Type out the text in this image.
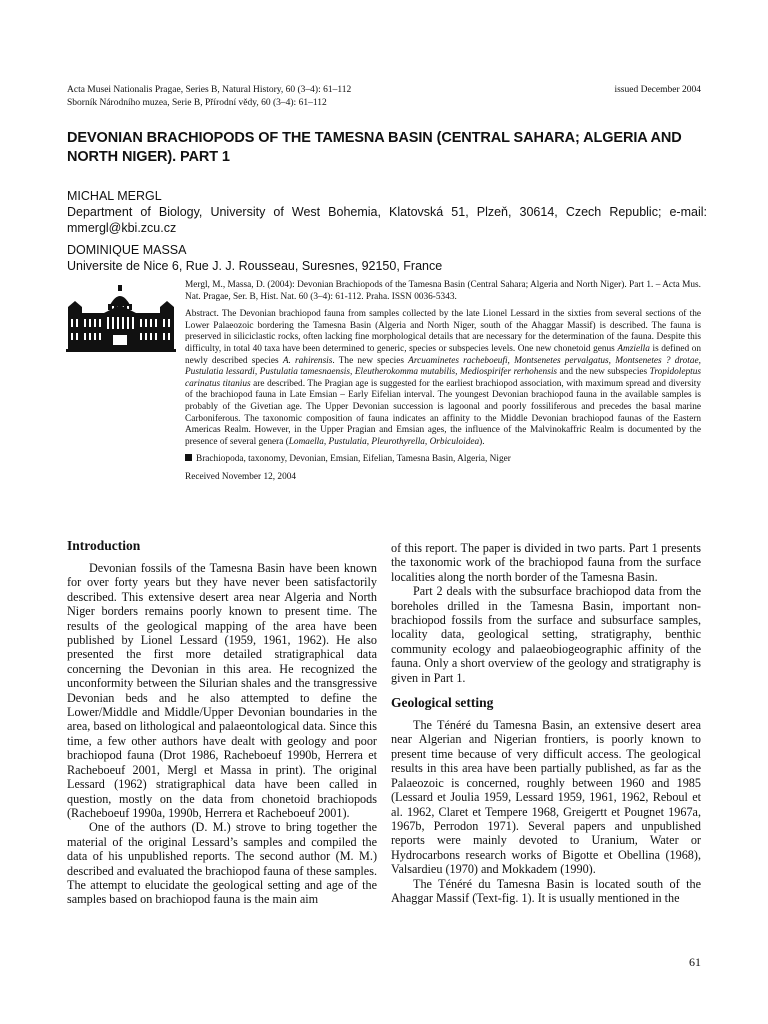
Acta Musei Nationalis Pragae, Series B, Natural History, 60 (3–4): 61–112
Sborník Národního muzea, Serie B, Přírodní vědy, 60 (3–4): 61–112
issued December 2004
DEVONIAN BRACHIOPODS OF THE TAMESNA BASIN (CENTRAL SAHARA; ALGERIA AND NORTH NIGER). PART 1
MICHAL MERGL
Department of Biology, University of West Bohemia, Klatovská 51, Plzeň, 30614, Czech Republic; e-mail: mmergl@kbi.zcu.cz
DOMINIQUE MASSA
Universite de Nice 6, Rue J. J. Rousseau, Suresnes, 92150, France

Mergl, M., Massa, D. (2004): Devonian Brachiopods of the Tamesna Basin (Central Sahara; Algeria and North Niger). Part 1. – Acta Mus. Nat. Pragae, Ser. B, Hist. Nat. 60 (3–4): 61-112. Praha. ISSN 0036-5343.

Abstract. The Devonian brachiopod fauna from samples collected by the late Lionel Lessard in the sixties from several sections of the Lower Palaeozoic bordering the Tamesna Basin (Algeria and North Niger, south of the Ahaggar Massif) is described. The fauna is preserved in siliciclastic rocks, often lacking fine morphological details that are necessary for the determination of the fauna. Despite this difficulty, in total 40 taxa have been determined to generic, species or subspecies levels. One new chonetoid genus Amziella is defined on newly described species A. rahirensis. The new species Arcuaminetes racheboeufi, Montsenetes pervalgatus, Montsenetes ? drotae, Pustulatia lessardi, Pustulatia tamesnaensis, Eleutherokomma mutabilis, Mediospirifer rerhohensis and the new subspecies Tropidoleptus carinatus titanius are described. The Pragian age is suggested for the earliest brachiopod association, with maximum spread and diversity of the brachiopod fauna in Late Emsian – Early Eifelian interval. The youngest Devonian brachiopod fauna in the available samples is probably of the Givetian age. The Upper Devonian succession is lagoonal and poorly fossiliferous and precedes the basal marine Carboniferous. The taxonomic composition of fauna indicates an affinity to the Middle Devonian brachiopod faunas of the Eastern Americas Realm. However, in the Upper Pragian and Emsian ages, the influence of the Malvinokaffric Realm is documented by the presence of several genera (Lomaella, Pustulatia, Pleurothyrella, Orbiculoidea).

Brachiopoda, taxonomy, Devonian, Emsian, Eifelian, Tamesna Basin, Algeria, Niger

Received November 12, 2004

Introduction

Devonian fossils of the Tamesna Basin have been known for over forty years but they have never been satisfactorily described. This extensive desert area near Algeria and North Niger borders remains poorly known to present time. The results of the geological mapping of the area have been published by Lionel Lessard (1959, 1961, 1962). He also presented the first more detailed stratigraphical data concerning the Devonian in this area. He recognized the unconformity between the Silurian shales and the transgressive Devonian beds and he also attempted to define the Lower/Middle and Middle/Upper Devonian boundaries in the area, based on lithological and palaeontological data. Since this time, a few other authors have dealt with geology and poor brachiopod fauna (Drot 1986, Racheboeuf 1990b, Herrera et Racheboeuf 2001, Mergl et Massa in print). The original Lessard (1962) stratigraphical data have been called in question, mostly on the data from chonetoid brachiopods (Racheboeuf 1990a, 1990b, Herrera et Racheboeuf 2001).

One of the authors (D. M.) strove to bring together the material of the original Lessard’s samples and compiled the data of his unpublished reports. The second author (M. M.) described and evaluated the brachiopod fauna of these samples. The attempt to elucidate the geological setting and age of the samples based on brachiopod fauna is the main aim

of this report. The paper is divided in two parts. Part 1 presents the taxonomic work of the brachiopod fauna from the surface localities along the north border of the Tamesna Basin.

Part 2 deals with the subsurface brachiopod data from the boreholes drilled in the Tamesna Basin, important non-brachiopod fossils from the surface and subsurface samples, locality data, geological setting, stratigraphy, benthic community ecology and palaeobiogeographic affinity of the fauna. Only a short overview of the geology and stratigraphy is given in Part 1.

Geological setting

The Ténéré du Tamesna Basin, an extensive desert area near Algerian and Nigerian frontiers, is poorly known to present time because of very difficult access. The geological results in this area have been partially published, as far as the Palaeozoic is concerned, roughly between 1960 and 1985 (Lessard et Joulia 1959, Lessard 1959, 1961, 1962, Reboul et al. 1962, Claret et Tempere 1968, Greigertt et Pougnet 1967a, 1967b, Perrodon 1971). Several papers and unpublished reports were mainly devoted to Uranium, Water or Hydrocarbons research works of Bigotte et Obellina (1968), Valsardieu (1970) and Mokkadem (1990).

The Ténéré du Tamesna Basin is located south of the Ahaggar Massif (Text-fig. 1). It is usually mentioned in the

61
